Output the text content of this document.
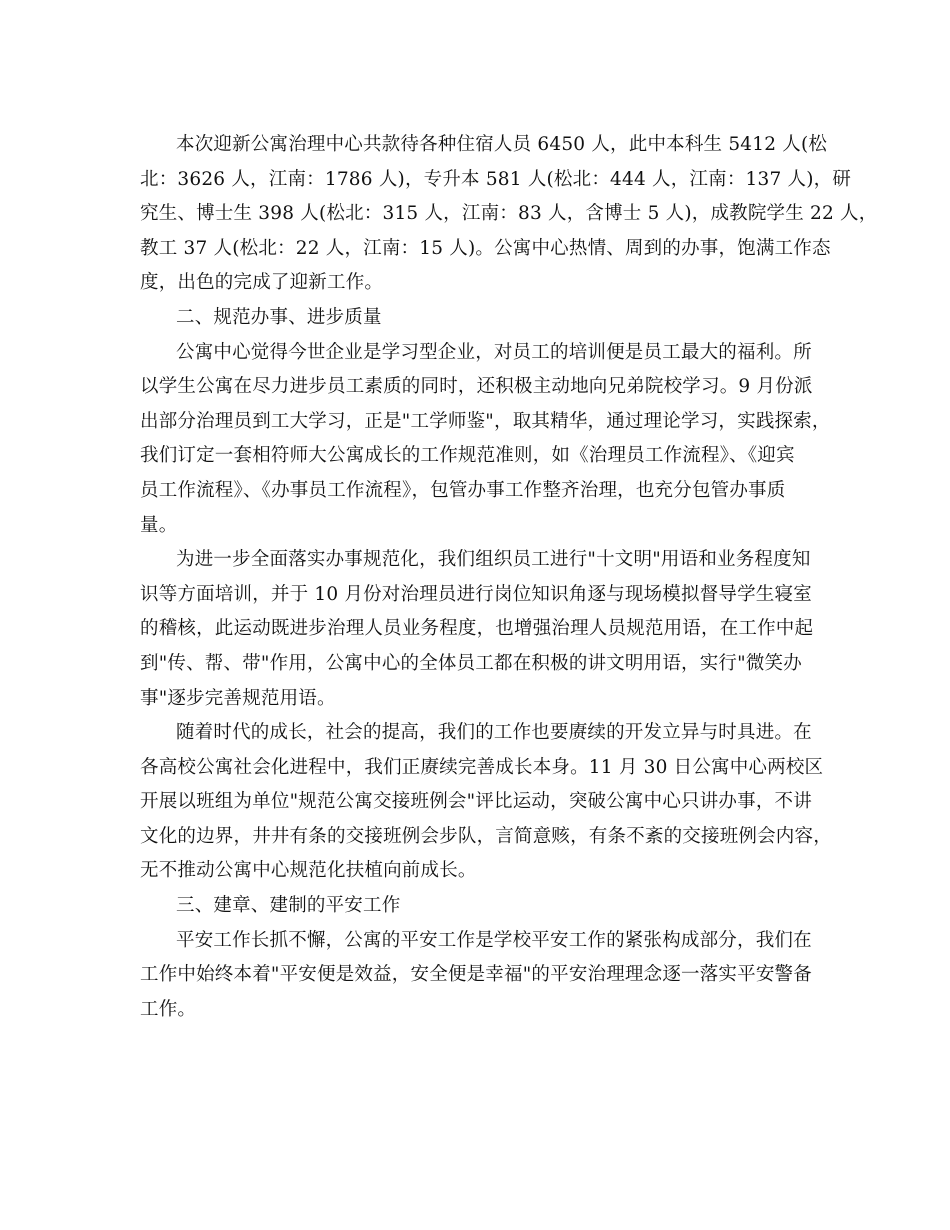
本次迎新公寓治理中心共款待各种住宿人员 6450 人，此中本科生 5412 人(松
北：3626 人，江南：1786 人)，专升本 581 人(松北：444 人，江南：137 人)，研
究生、博士生 398 人(松北：315 人，江南：83 人，含博士 5 人)，成教院学生 22 人，
教工 37 人(松北：22 人，江南：15 人)。公寓中心热情、周到的办事，饱满工作态
度，出色的完成了迎新工作。
二、规范办事、进步质量
公寓中心觉得今世企业是学习型企业，对员工的培训便是员工最大的福利。所
以学生公寓在尽力进步员工素质的同时，还积极主动地向兄弟院校学习。9 月份派
出部分治理员到工大学习，正是"工学师鉴"，取其精华，通过理论学习，实践探索，
我们订定一套相符师大公寓成长的工作规范准则，如《治理员工作流程》、《迎宾
员工作流程》、《办事员工作流程》，包管办事工作整齐治理，也充分包管办事质
量。
为进一步全面落实办事规范化，我们组织员工进行"十文明"用语和业务程度知
识等方面培训，并于 10 月份对治理员进行岗位知识角逐与现场模拟督导学生寝室
的稽核，此运动既进步治理人员业务程度，也增强治理人员规范用语，在工作中起
到"传、帮、带"作用，公寓中心的全体员工都在积极的讲文明用语，实行"微笑办
事"逐步完善规范用语。
随着时代的成长，社会的提高，我们的工作也要赓续的开发立异与时具进。在
各高校公寓社会化进程中，我们正赓续完善成长本身。11 月 30 日公寓中心两校区
开展以班组为单位"规范公寓交接班例会"评比运动，突破公寓中心只讲办事，不讲
文化的边界，井井有条的交接班例会步队，言简意赅，有条不紊的交接班例会内容，
无不推动公寓中心规范化扶植向前成长。
三、建章、建制的平安工作
平安工作长抓不懈，公寓的平安工作是学校平安工作的紧张构成部分，我们在
工作中始终本着"平安便是效益，安全便是幸福"的平安治理理念逐一落实平安警备
工作。
